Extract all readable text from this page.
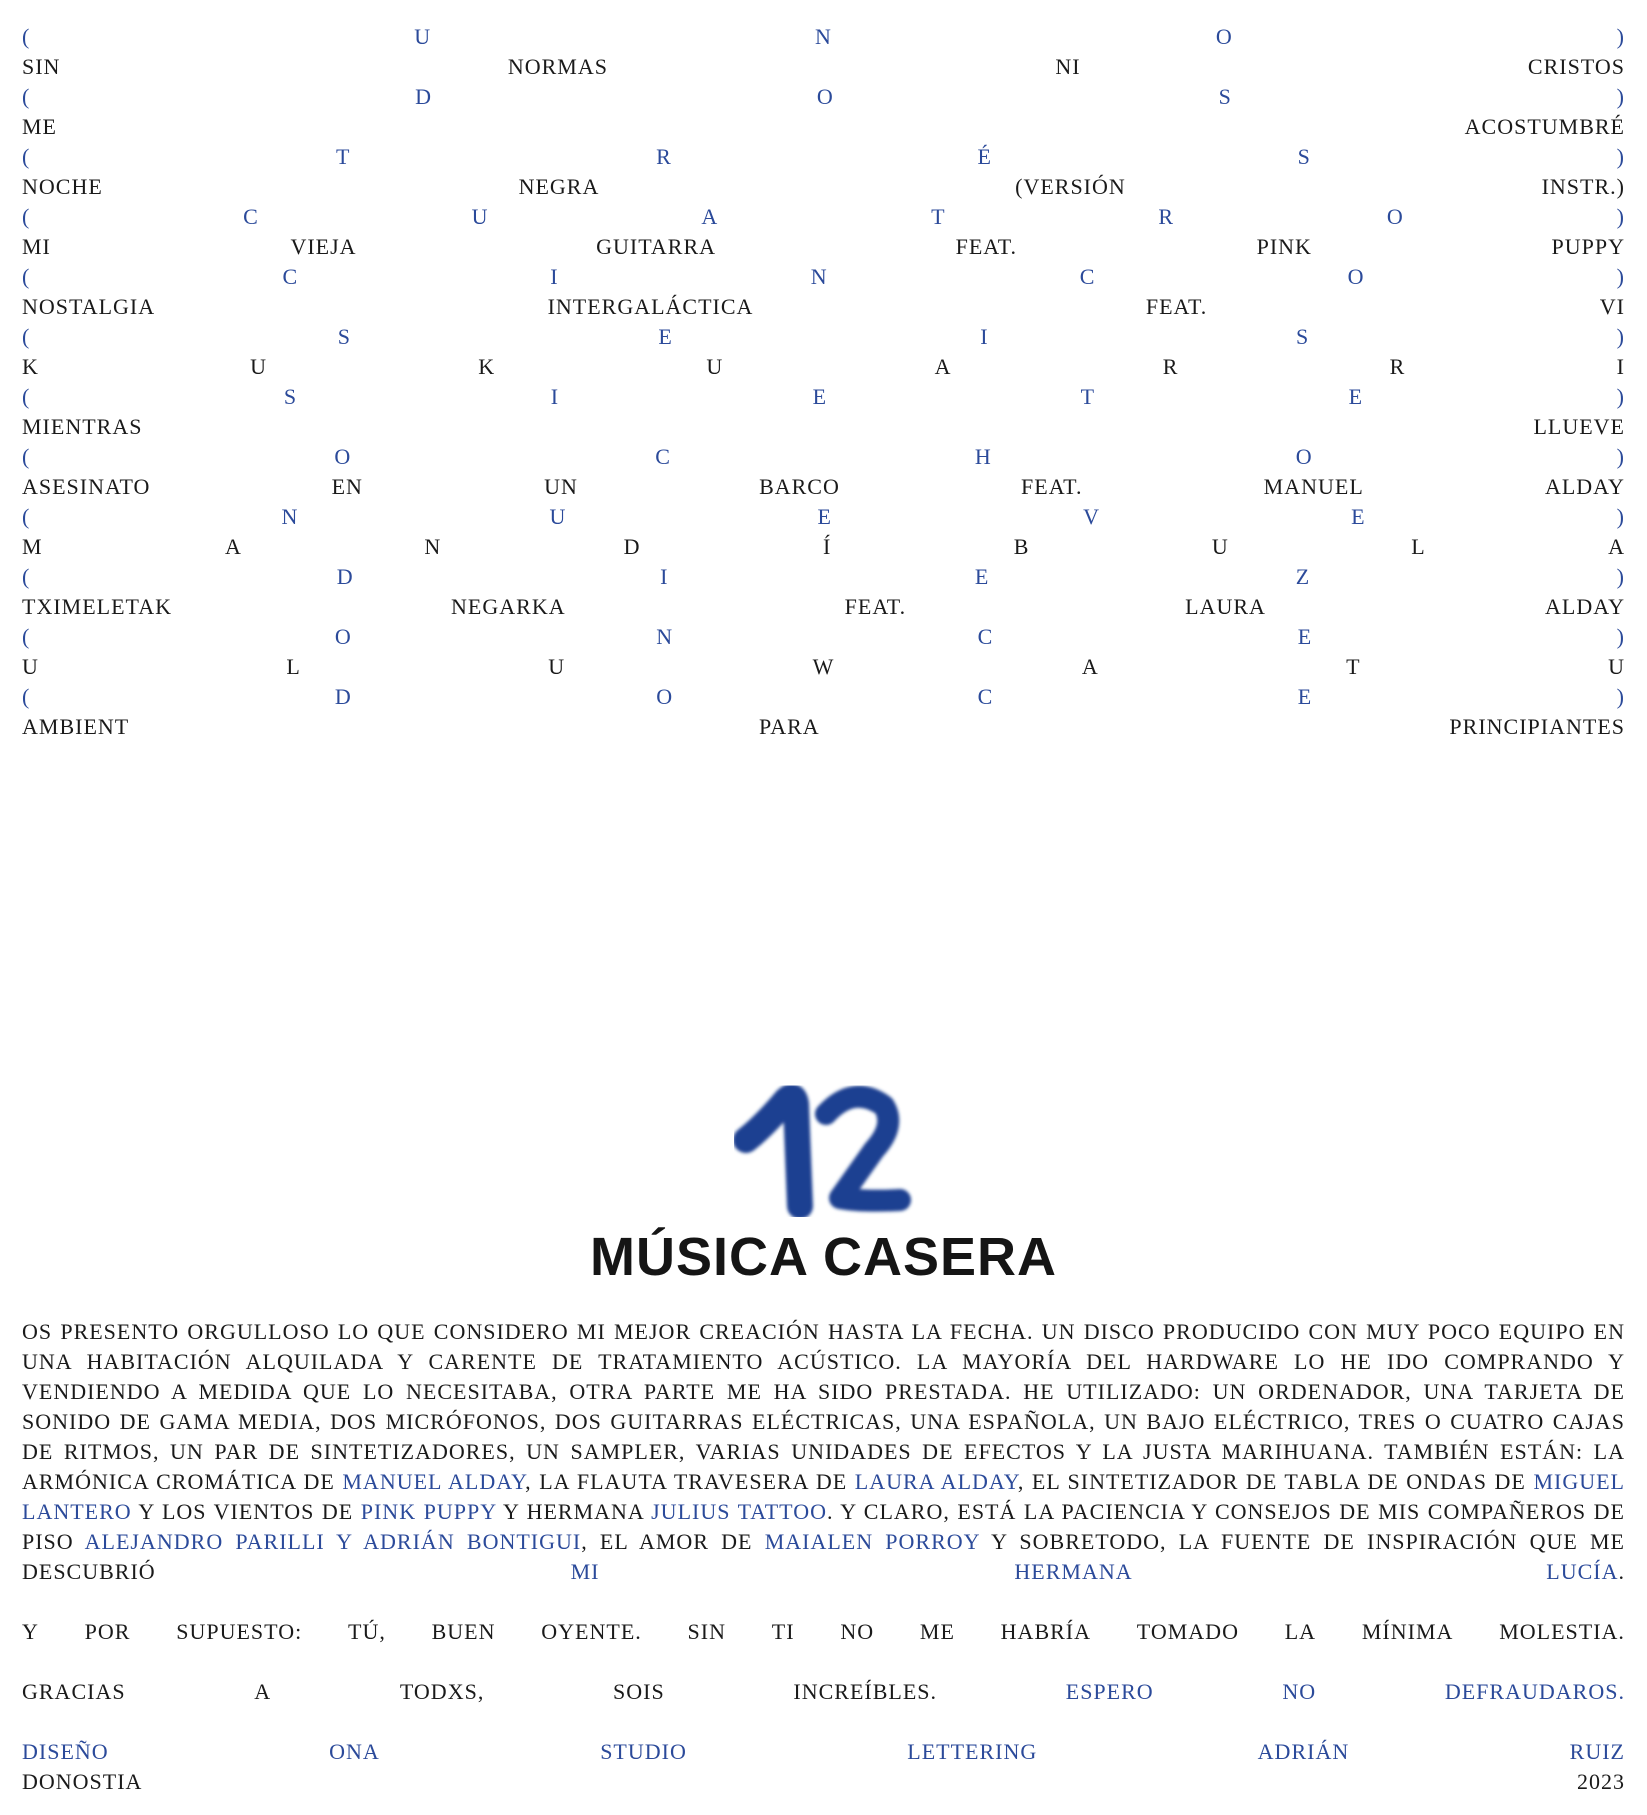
(	U	N	O	)
SIN	NORMAS	NI	CRISTOS
(	D	O	S	)
ME	ACOSTUMBRÉ
(	T	R	É	S	)
NOCHE	NEGRA	(VERSIÓN	INSTR.)
(	C	U	A	T	R	O	)
MI	VIEJA	GUITARRA	FEAT.	PINK	PUPPY
(	C	I	N	C	O	)
NOSTALGIA	INTERGALÁCTICA	FEAT.	VI
(	S	E	I	S	)
K	U	K	U	A	R	R	I
(	S	I	E	T	E	)
MIENTRAS	LLUEVE
(	O	C	H	O	)
ASESINATO	EN	UN	BARCO	FEAT.	MANUEL	ALDAY
(	N	U	E	V	E	)
M	A	N	D	Í	B	U	L	A
(	D	I	E	Z	)
TXIMELETAK	NEGARKA	FEAT.	LAURA	ALDAY
(	O	N	C	E	)
U	L	U	W	A	T	U
(	D	O	C	E	)
AMBIENT	PARA	PRINCIPIANTES
MÚSICA CASERA

OS PRESENTO ORGULLOSO LO QUE CONSIDERO MI MEJOR CREACIÓN HASTA LA FECHA. UN DISCO PRODUCIDO CON MUY POCO EQUIPO EN UNA HABITACIÓN ALQUILADA Y CARENTE DE TRATAMIENTO ACÚSTICO. LA MAYORÍA DEL HARDWARE LO HE IDO COMPRANDO Y VENDIENDO A MEDIDA QUE LO NECESITABA, OTRA PARTE ME HA SIDO PRESTADA. HE UTILIZADO: UN ORDENADOR, UNA TARJETA DE SONIDO DE GAMA MEDIA, DOS MICRÓFONOS, DOS GUITARRAS ELÉCTRICAS, UNA ESPAÑOLA, UN BAJO ELÉCTRICO, TRES O CUATRO CAJAS DE RITMOS, UN PAR DE SINTETIZADORES, UN SAMPLER, VARIAS UNIDADES DE EFECTOS Y LA JUSTA MARIHUANA. TAMBIÉN ESTÁN: LA ARMÓNICA CROMÁTICA DE MANUEL ALDAY, LA FLAUTA TRAVESERA DE LAURA ALDAY, EL SINTETIZADOR DE TABLA DE ONDAS DE MIGUEL LANTERO Y LOS VIENTOS DE PINK PUPPY Y HERMANA JULIUS TATTOO. Y CLARO, ESTÁ LA PACIENCIA Y CONSEJOS DE MIS COMPAÑEROS DE PISO ALEJANDRO PARILLI Y ADRIÁN BONTIGUI, EL AMOR DE MAIALEN PORROY Y SOBRETODO, LA FUENTE DE INSPIRACIÓN QUE ME DESCUBRIÓ MI HERMANA LUCÍA.

Y POR SUPUESTO: TÚ, BUEN OYENTE. SIN TI NO ME HABRÍA TOMADO LA MÍNIMA MOLESTIA.
GRACIAS	A	TODXS,	SOIS	INCREÍBLES.	ESPERO	NO	DEFRAUDAROS.
DISEÑO	ONA	STUDIO	LETTERING	ADRIÁN	RUIZ
DONOSTIA	2023
